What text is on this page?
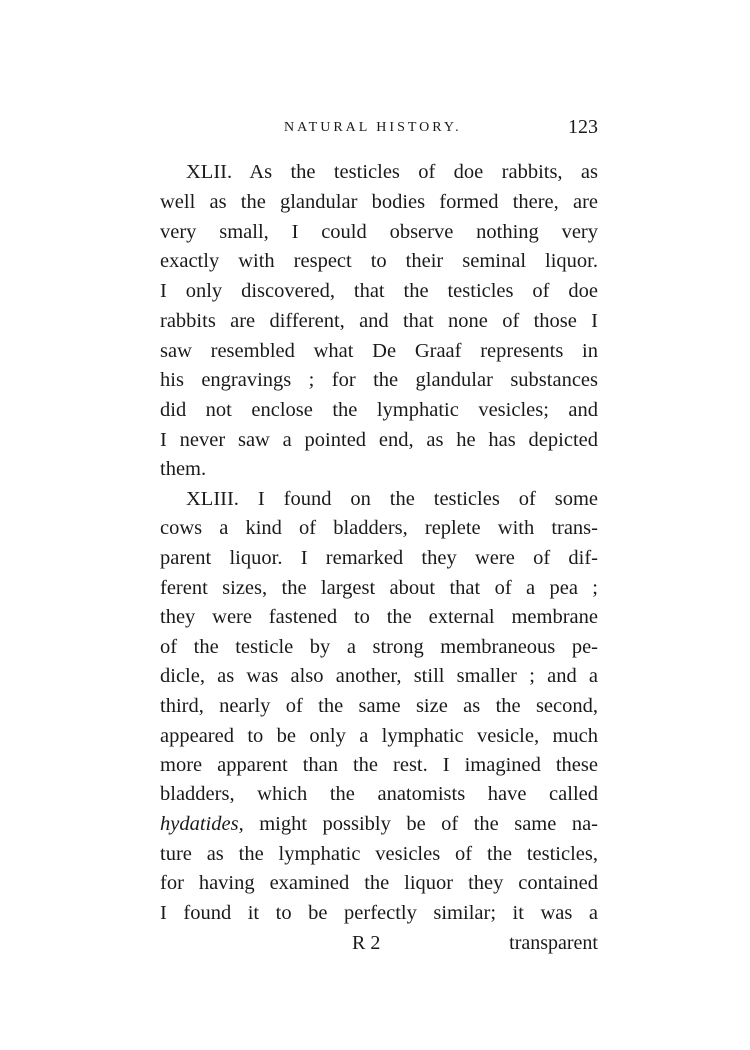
NATURAL HISTORY.	123
XLII. As the testicles of doe rabbits, as
well as the glandular bodies formed there, are
very small, I could observe nothing very
exactly with respect to their seminal liquor.
I only discovered, that the testicles of doe
rabbits are different, and that none of those I
saw resembled what De Graaf represents in
his engravings ; for the glandular substances
did not enclose the lymphatic vesicles; and
I never saw a pointed end, as he has depicted
them.
XLIII. I found on the testicles of some
cows a kind of bladders, replete with trans-
parent liquor. I remarked they were of dif-
ferent sizes, the largest about that of a pea ;
they were fastened to the external membrane
of the testicle by a strong membraneous pe-
dicle, as was also another, still smaller ; and a
third, nearly of the same size as the second,
appeared to be only a lymphatic vesicle, much
more apparent than the rest. I imagined these
bladders, which the anatomists have called
hydatides, might possibly be of the same na-
ture as the lymphatic vesicles of the testicles,
for having examined the liquor they contained
I found it to be perfectly similar; it was a
R 2	transparent
